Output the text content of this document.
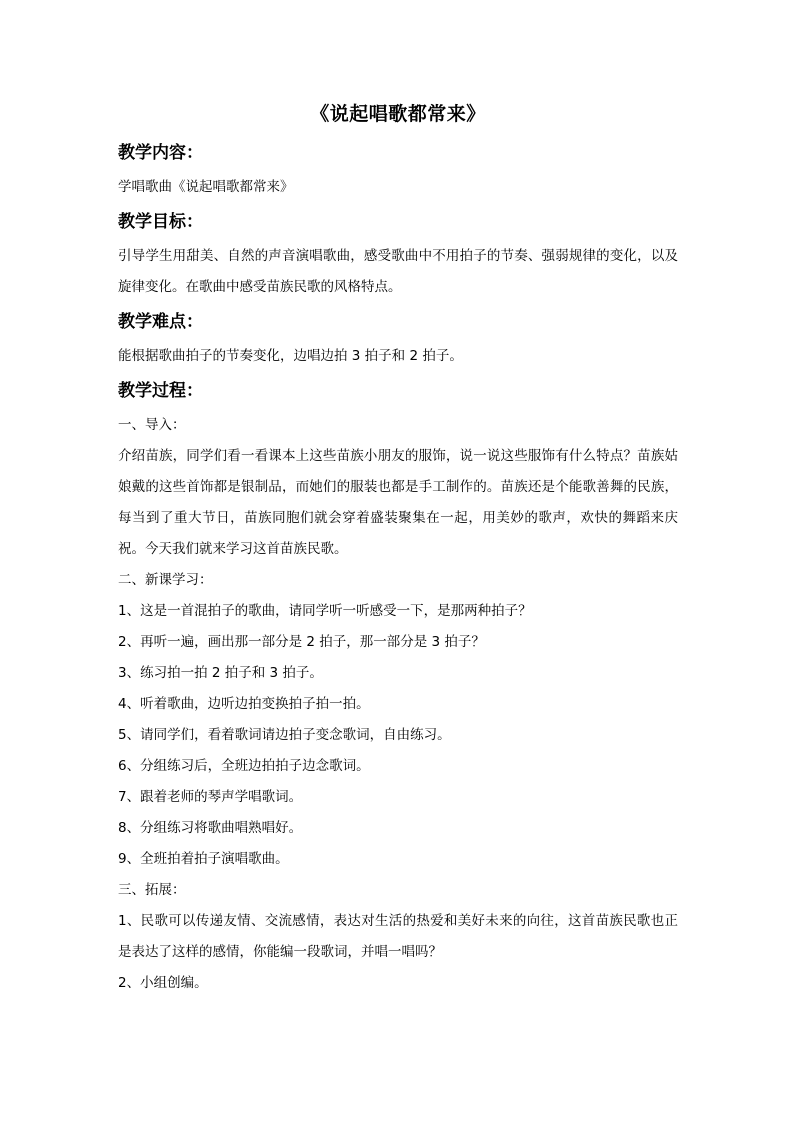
《说起唱歌都常来》
教学内容：

学唱歌曲《说起唱歌都常来》

教学目标：

引导学生用甜美、自然的声音演唱歌曲，感受歌曲中不用拍子的节奏、强弱规律的变化，以及旋律变化。在歌曲中感受苗族民歌的风格特点。

教学难点：

能根据歌曲拍子的节奏变化，边唱边拍 3 拍子和 2 拍子。

教学过程：

一、导入：

介绍苗族，同学们看一看课本上这些苗族小朋友的服饰，说一说这些服饰有什么特点？苗族姑娘戴的这些首饰都是银制品，而她们的服装也都是手工制作的。苗族还是个能歌善舞的民族，每当到了重大节日，苗族同胞们就会穿着盛装聚集在一起，用美妙的歌声，欢快的舞蹈来庆祝。今天我们就来学习这首苗族民歌。

二、新课学习：

1、这是一首混拍子的歌曲，请同学听一听感受一下，是那两种拍子？

2、再听一遍，画出那一部分是 2 拍子，那一部分是 3 拍子？

3、练习拍一拍 2 拍子和 3 拍子。

4、听着歌曲，边听边拍变换拍子拍一拍。

5、请同学们，看着歌词请边拍子变念歌词，自由练习。

6、分组练习后，全班边拍拍子边念歌词。

7、跟着老师的琴声学唱歌词。

8、分组练习将歌曲唱熟唱好。

9、全班拍着拍子演唱歌曲。

三、拓展：

1、民歌可以传递友情、交流感情，表达对生活的热爱和美好未来的向往，这首苗族民歌也正是表达了这样的感情，你能编一段歌词，并唱一唱吗？

2、小组创编。
